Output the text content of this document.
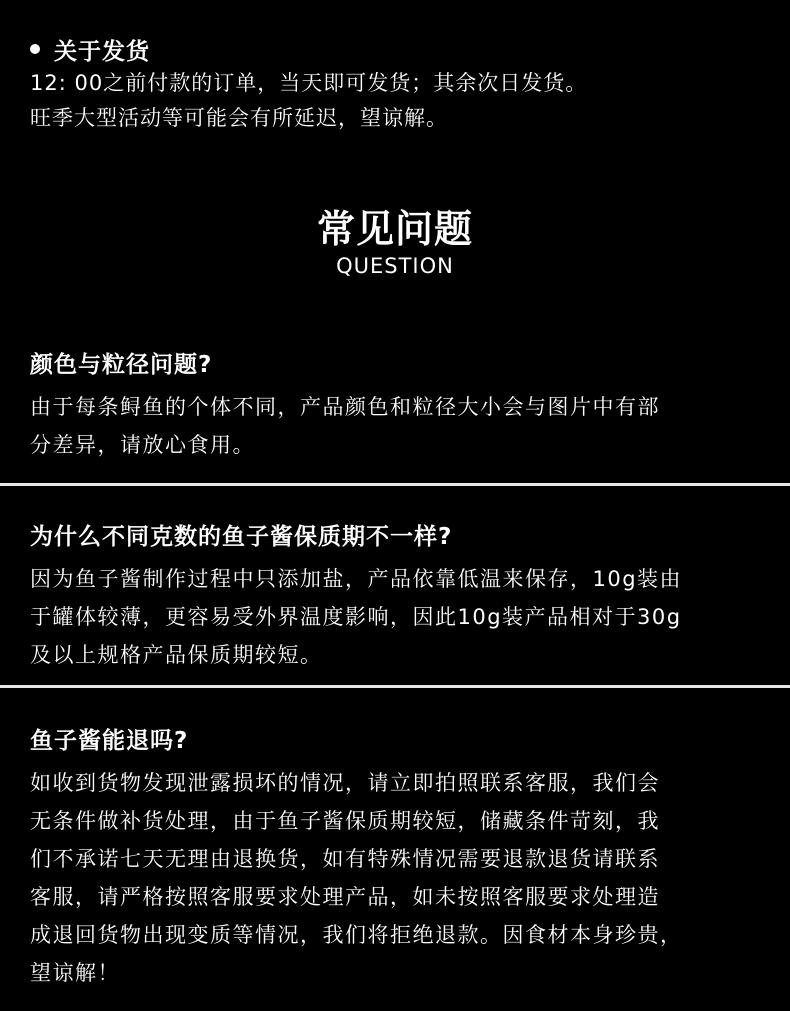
关于发货
12: 00之前付款的订单，当天即可发货；其余次日发货。
旺季大型活动等可能会有所延迟，望谅解。
常见问题
QUESTION
颜色与粒径问题?
由于每条鲟鱼的个体不同，产品颜色和粒径大小会与图片中有部
分差异，请放心食用。
为什么不同克数的鱼子酱保质期不一样?
因为鱼子酱制作过程中只添加盐，产品依靠低温来保存，10g装由
于罐体较薄，更容易受外界温度影响，因此10g装产品相对于30g
及以上规格产品保质期较短。
鱼子酱能退吗?
如收到货物发现泄露损坏的情况，请立即拍照联系客服，我们会
无条件做补货处理，由于鱼子酱保质期较短，储藏条件苛刻，我
们不承诺七天无理由退换货，如有特殊情况需要退款退货请联系
客服，请严格按照客服要求处理产品，如未按照客服要求处理造
成退回货物出现变质等情况，我们将拒绝退款。因食材本身珍贵，
望谅解！
